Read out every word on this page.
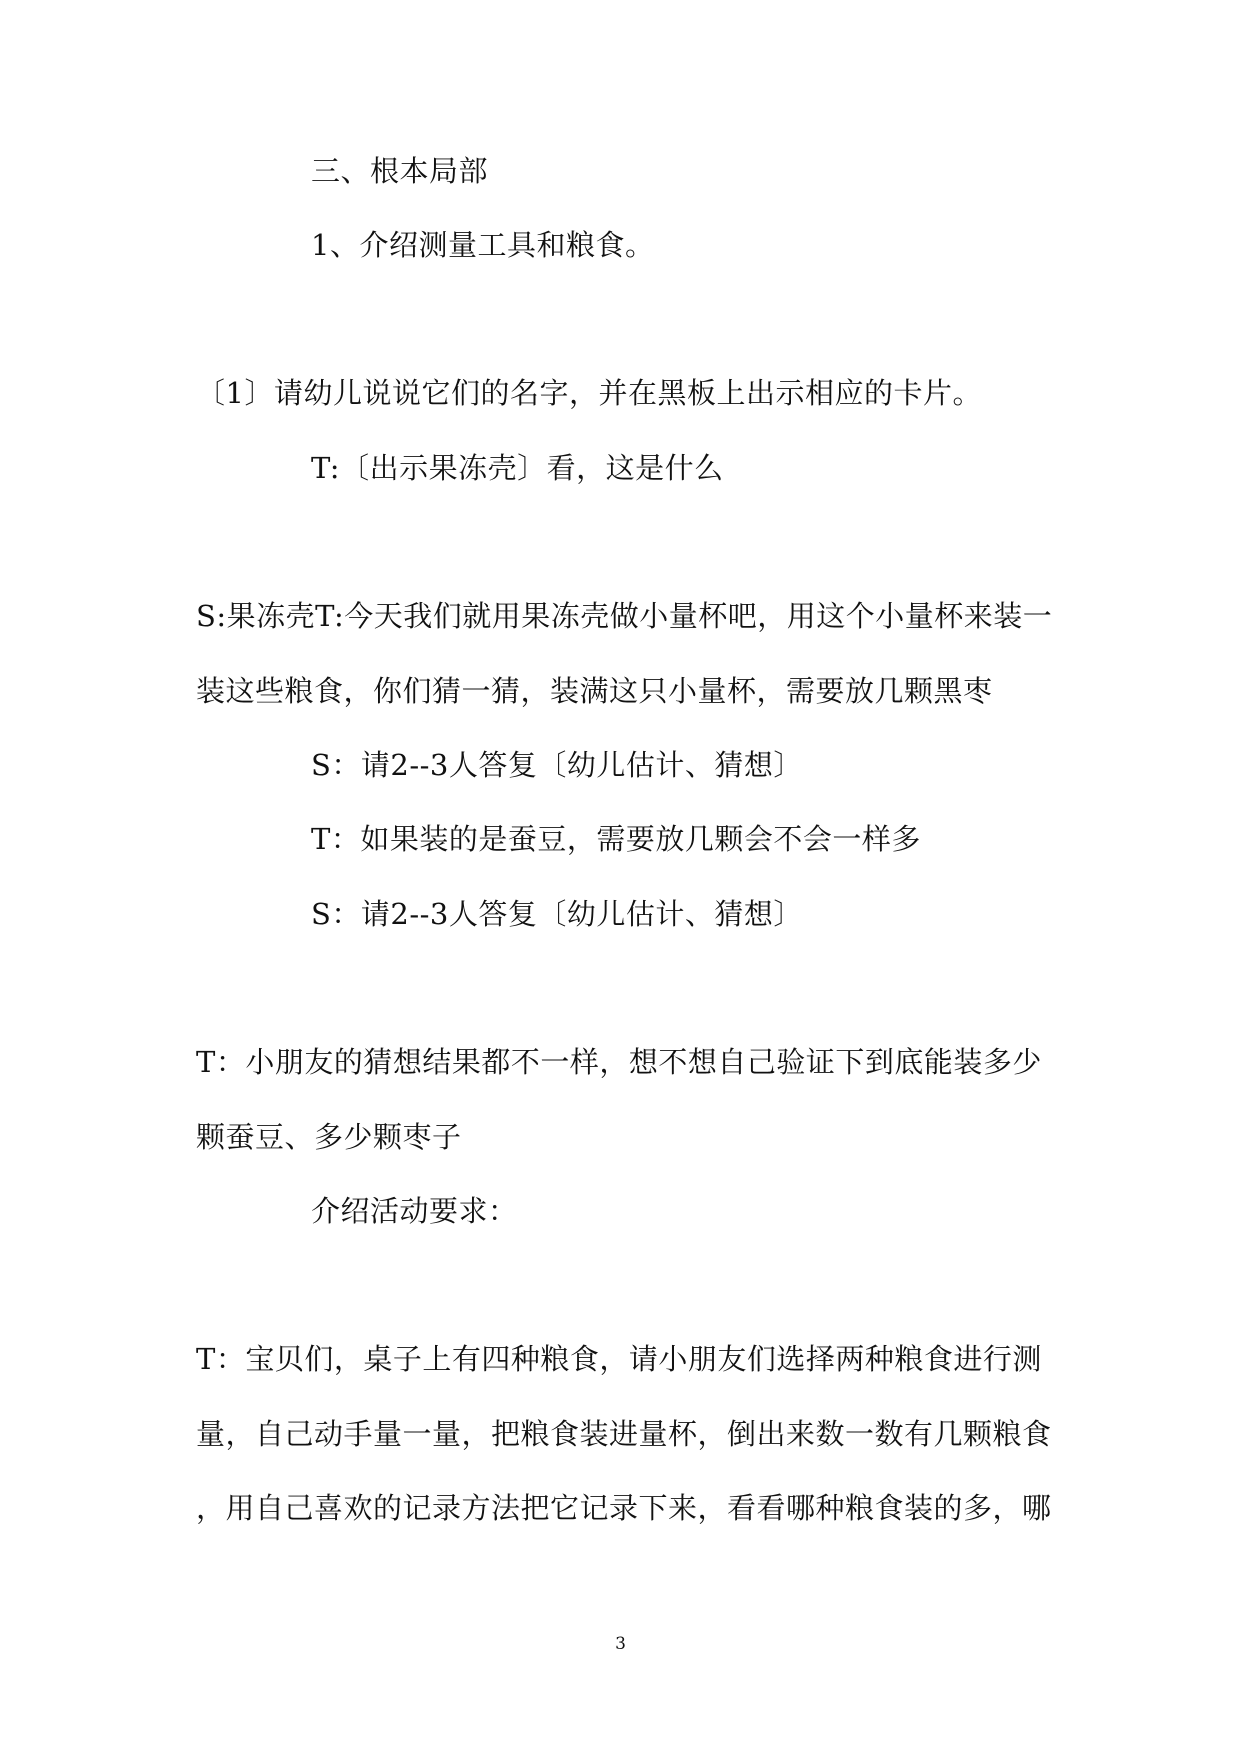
三、根本局部
1、介绍测量工具和粮食。
〔1〕请幼儿说说它们的名字，并在黑板上出示相应的卡片。
T:〔出示果冻壳〕看，这是什么
S:果冻壳T:今天我们就用果冻壳做小量杯吧，用这个小量杯来装一
装这些粮食，你们猜一猜，装满这只小量杯，需要放几颗黑枣
S：请2--3人答复〔幼儿估计、猜想〕
T：如果装的是蚕豆，需要放几颗会不会一样多
S：请2--3人答复〔幼儿估计、猜想〕
T：小朋友的猜想结果都不一样，想不想自己验证下到底能装多少
颗蚕豆、多少颗枣子
介绍活动要求：
T：宝贝们，桌子上有四种粮食，请小朋友们选择两种粮食进行测
量，自己动手量一量，把粮食装进量杯，倒出来数一数有几颗粮食
，用自己喜欢的记录方法把它记录下来，看看哪种粮食装的多，哪
3
